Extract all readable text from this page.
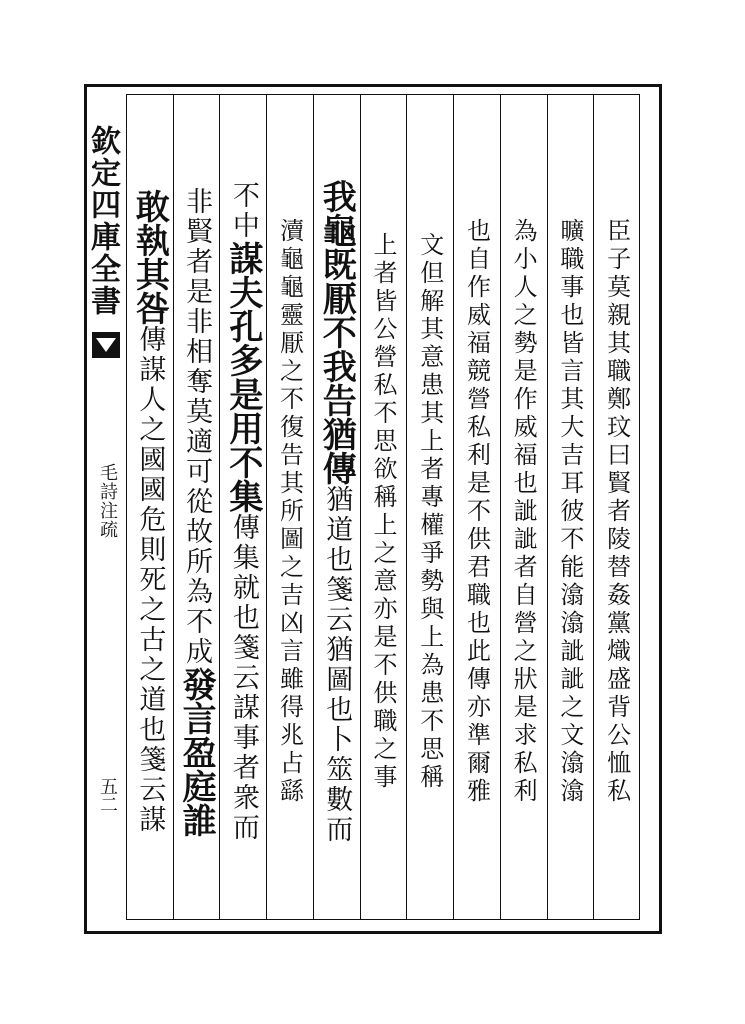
欽定四庫全書
毛詩注疏
五二	臣子莫親其職鄭玟曰賢者陵替姦黨熾盛背公恤私
曠職事也皆言其大吉耳彼不能潝潝訿訿之文潝潝
為小人之勢是作威福也訿訿者自營之狀是求私利
也自作威福競營私利是不供君職也此傳亦準爾雅
文但解其意患其上者專權爭勢與上為患不思稱
上者皆公營私不思欲稱上之意亦是不供職之事
我龜既厭不我告猶傳猶道也箋云猶圖也卜筮數而
瀆龜龜靈厭之不復告其所圖之吉凶言雖得兆占繇
不中謀夫孔多是用不集傳集就也箋云謀事者衆而
非賢者是非相奪莫適可從故所為不成發言盈庭誰
敢執其咎傳謀人之國國危則死之古之道也箋云謀
